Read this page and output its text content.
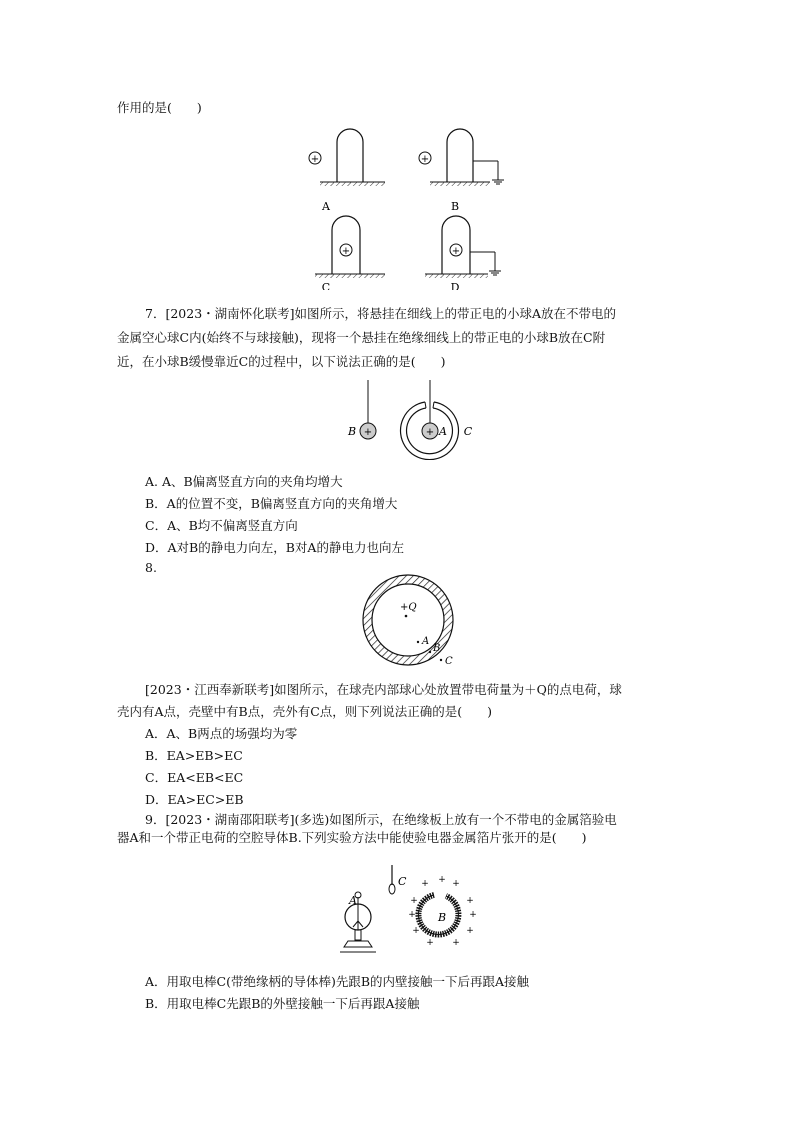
作用的是(　　)
+
A
+
B
+
C
+
D
7．[2023・湖南怀化联考]如图所示，将悬挂在细线上的带正电的小球A放在不带电的
金属空心球C内(始终不与球接触)，现将一个悬挂在绝缘细线上的带正电的小球B放在C附
近，在小球B缓慢靠近C的过程中，以下说法正确的是(　　)
+
B	+ A C
A. A、B偏离竖直方向的夹角均增大
B．A的位置不变，B偏离竖直方向的夹角增大
C．A、B均不偏离竖直方向
D．A对B的静电力向左，B对A的静电力也向左
8.
+Q
A
B
C
[2023・江西奉新联考]如图所示，在球壳内部球心处放置带电荷量为＋Q的点电荷，球
壳内有A点，壳壁中有B点，壳外有C点，则下列说法正确的是(　　)
A．A、B两点的场强均为零
B．EA>EB>EC
C．EA<EB<EC
D．EA>EC>EB
9．[2023・湖南邵阳联考](多选)如图所示，在绝缘板上放有一个不带电的金属箔验电
器A和一个带正电荷的空腔导体B.下列实验方法中能使验电器金属箔片张开的是(　　)
A
C
B
+	+
+	+
+	+
+	+
+ +
+
A．用取电棒C(带绝缘柄的导体棒)先跟B的内壁接触一下后再跟A接触
B．用取电棒C先跟B的外壁接触一下后再跟A接触
